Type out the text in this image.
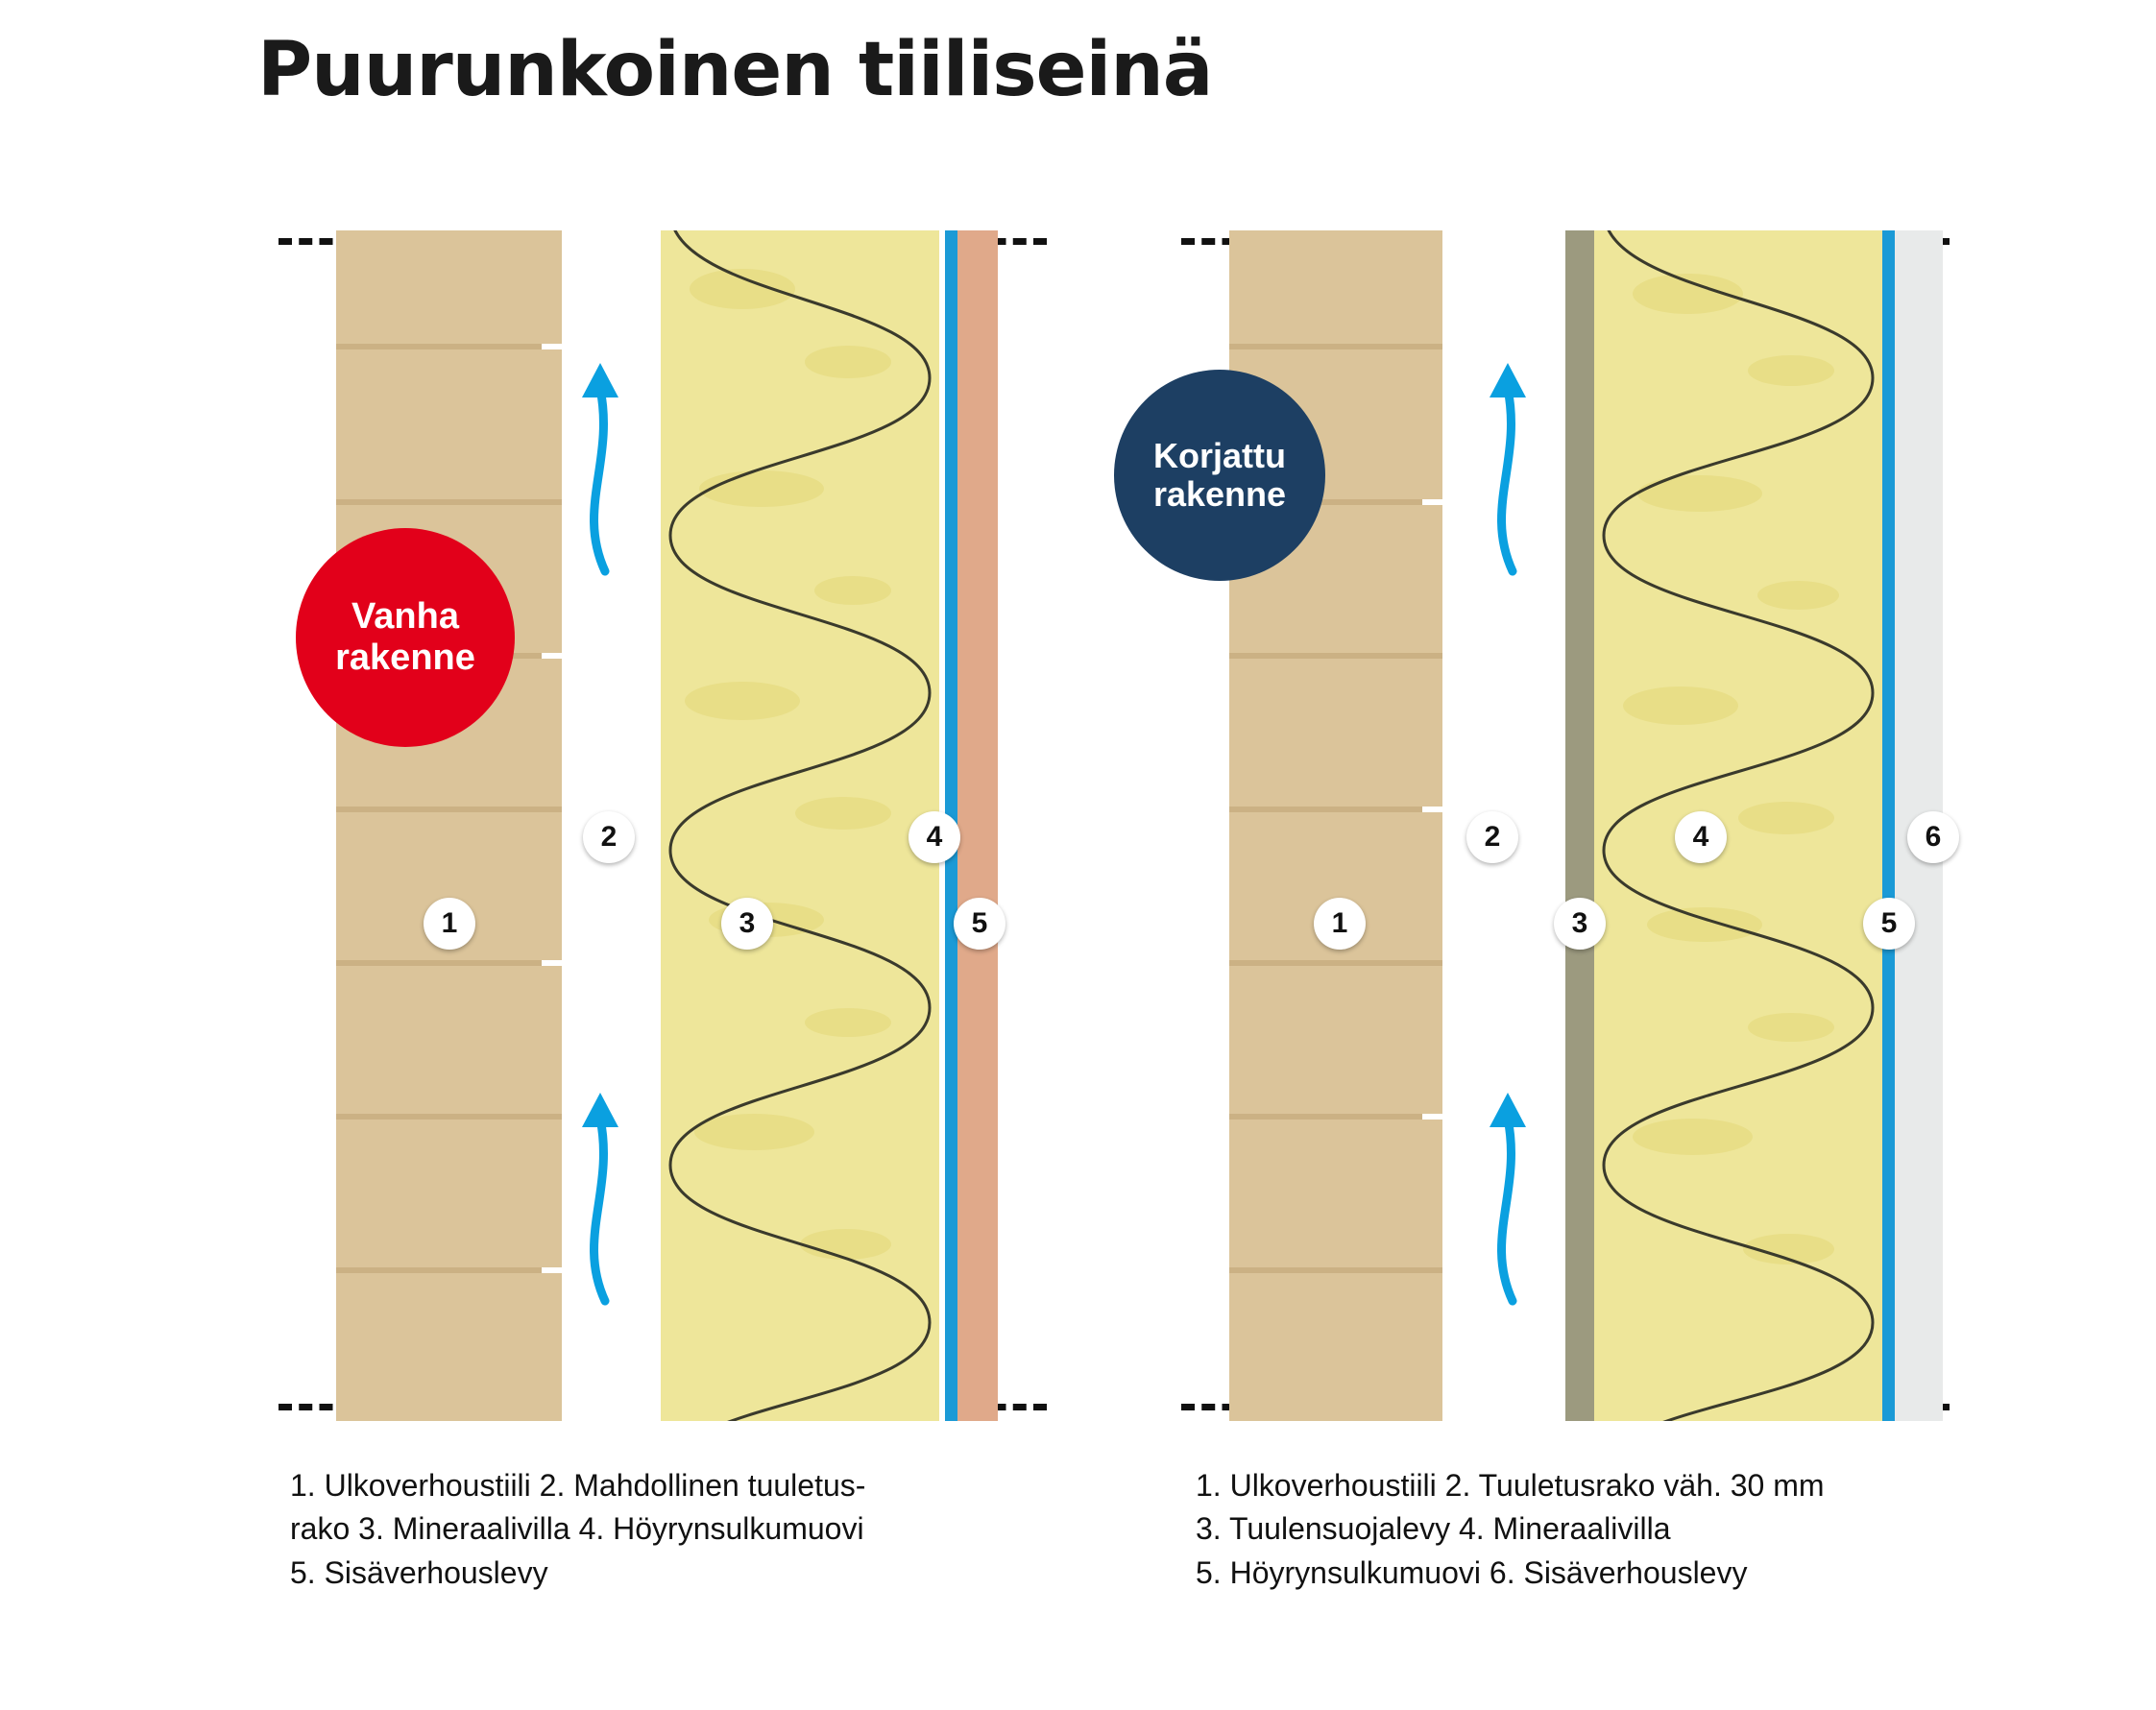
Puurunkoinen tiiliseinä
1
2
3
4
5	1
2
3
4
5
6
Vanha
rakenne
Korjattu
rakenne
1. Ulkoverhoustiili 2. Mahdollinen tuuletus-
rako 3. Mineraalivilla 4. Höyrynsulkumuovi
5. Sisäverhouslevy
1. Ulkoverhoustiili 2. Tuuletusrako väh. 30 mm
3. Tuulensuojalevy 4. Mineraalivilla
5. Höyrynsulkumuovi 6. Sisäverhouslevy
